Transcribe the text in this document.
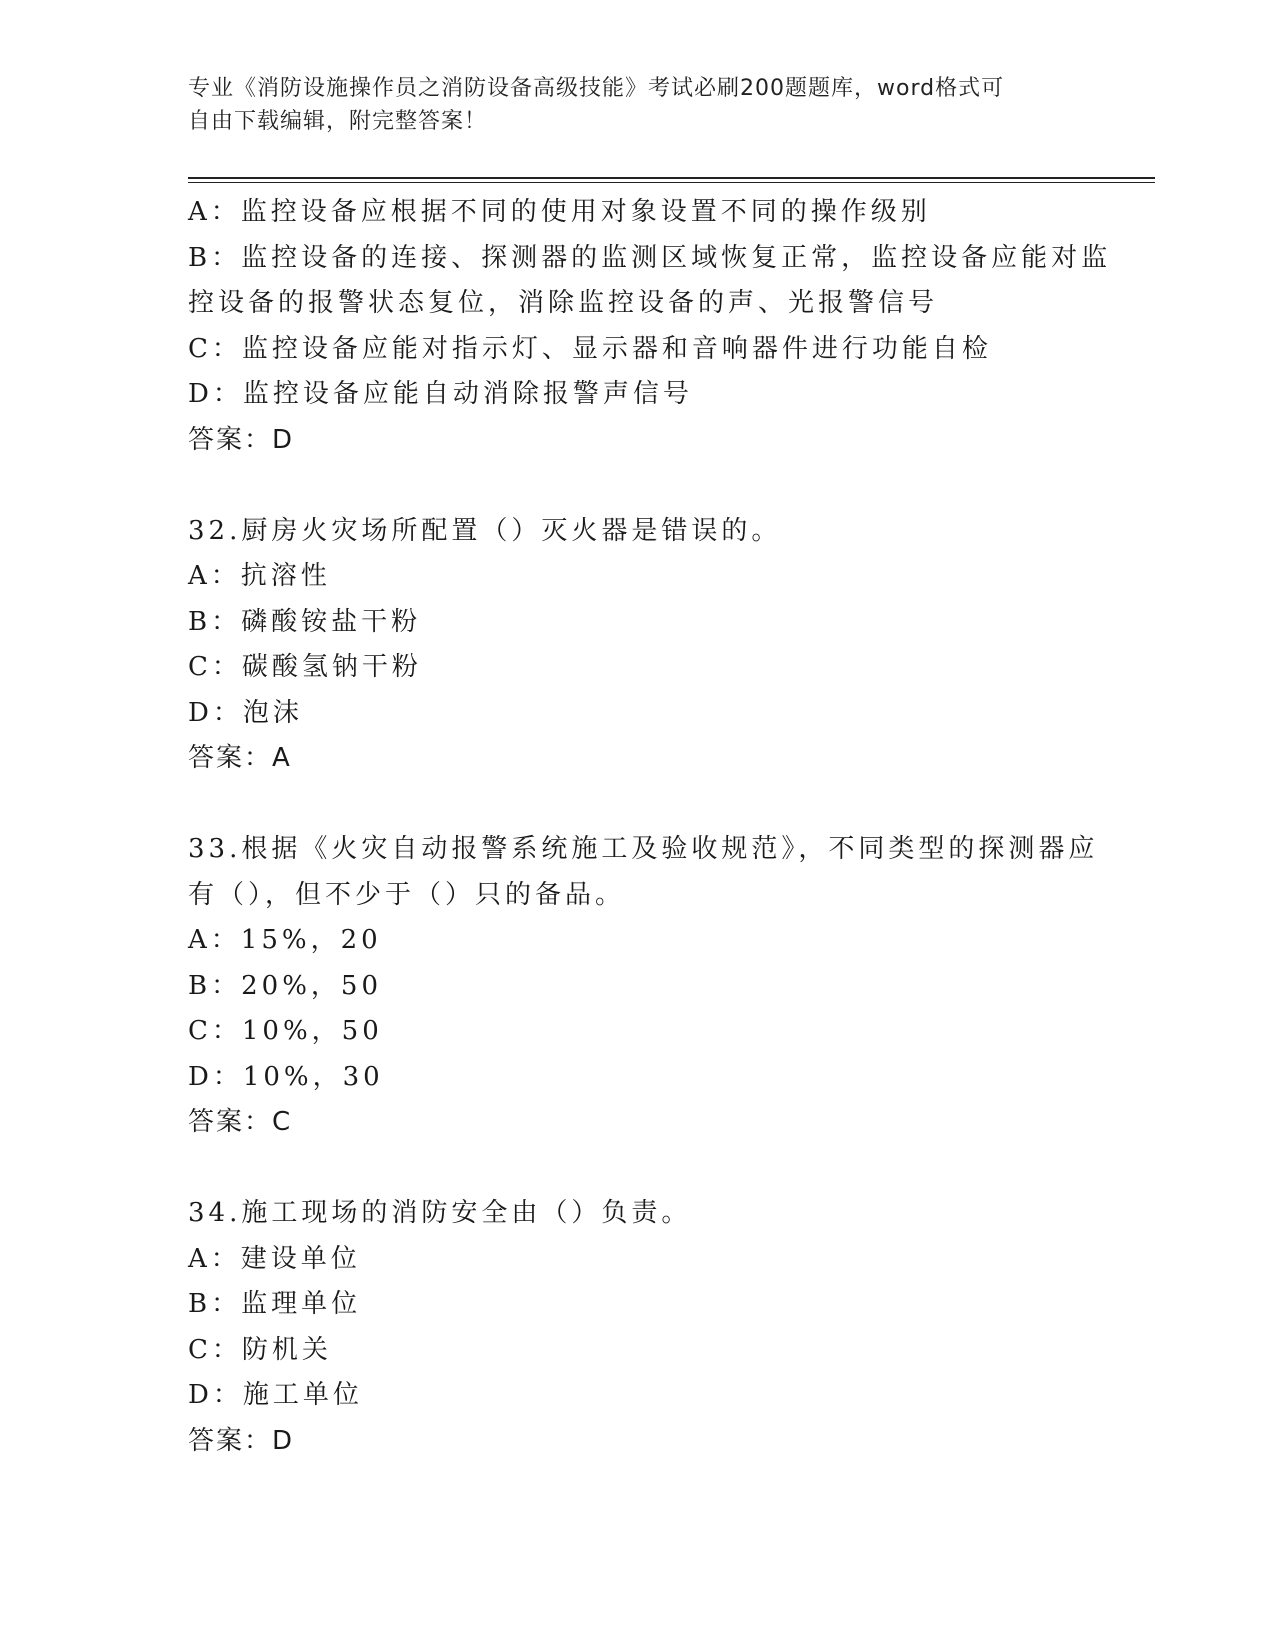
专业《消防设施操作员之消防设备高级技能》考试必刷200题题库，word格式可
自由下载编辑，附完整答案！
A：监控设备应根据不同的使用对象设置不同的操作级别
B：监控设备的连接、探测器的监测区域恢复正常，监控设备应能对监
控设备的报警状态复位，消除监控设备的声、光报警信号
C：监控设备应能对指示灯、显示器和音响器件进行功能自检
D：监控设备应能自动消除报警声信号
答案：D
32.厨房火灾场所配置（）灭火器是错误的。
A：抗溶性
B：磷酸铵盐干粉
C：碳酸氢钠干粉
D：泡沫
答案：A
33.根据《火灾自动报警系统施工及验收规范》，不同类型的探测器应
有（），但不少于（）只的备品。
A：15%，20
B：20%，50
C：10%，50
D：10%，30
答案：C
34.施工现场的消防安全由（）负责。
A：建设单位
B：监理单位
C：防机关
D：施工单位
答案：D
